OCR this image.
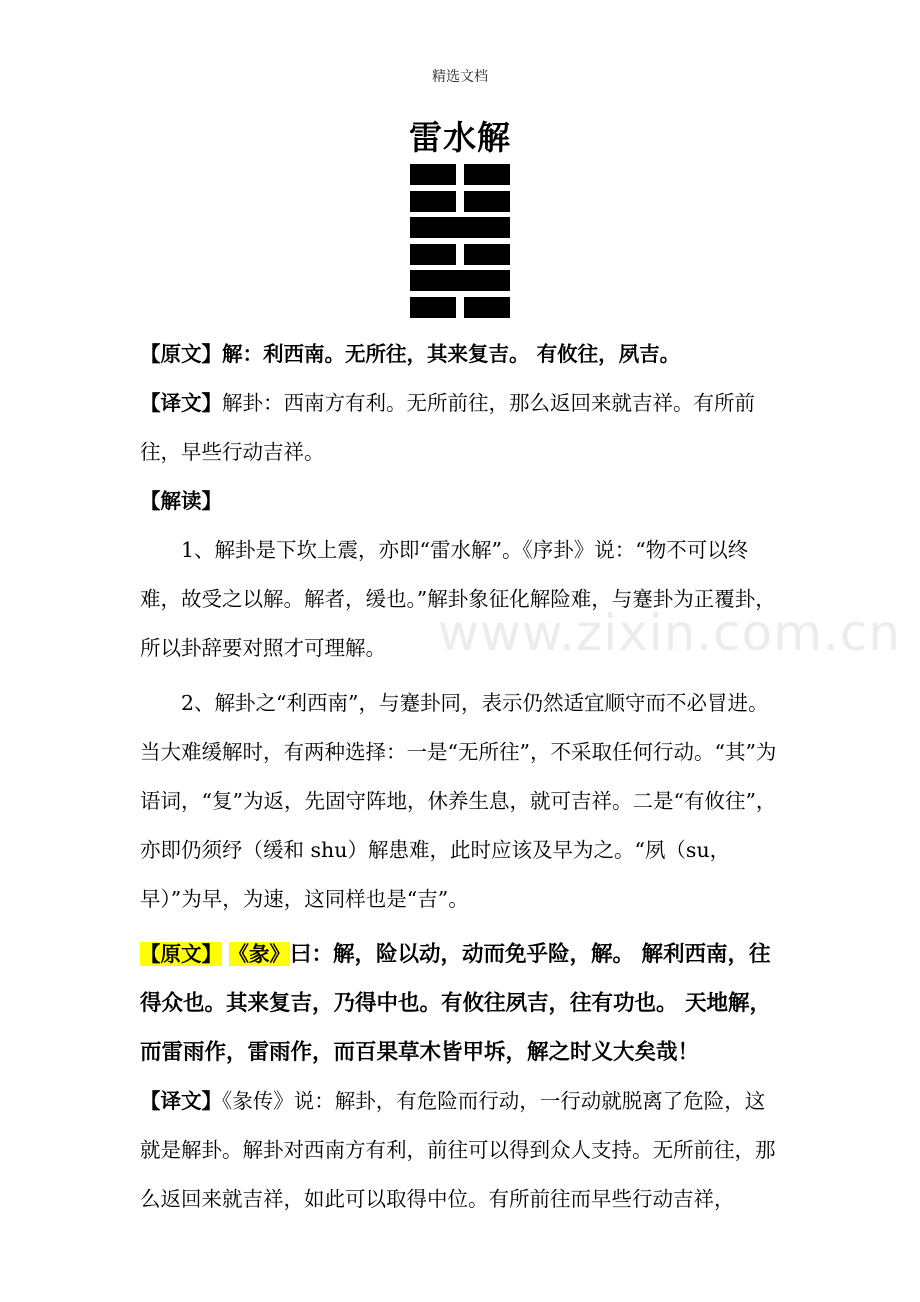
精选文档
雷水解
www.zixin.com.cn

【原文】解：利西南。无所往，其来复吉。 有攸往，夙吉。

【译文】解卦：西南方有利。无所前往，那么返回来就吉祥。有所前往，早些行动吉祥。

【解读】

1、解卦是下坎上震，亦即“雷水解”。《序卦》说：“物不可以终难，故受之以解。解者，缓也。”解卦象征化解险难，与蹇卦为正覆卦，所以卦辞要对照才可理解。

2、解卦之“利西南”，与蹇卦同，表示仍然适宜顺守而不必冒进。当大难缓解时，有两种选择：一是“无所往”，不采取任何行动。“其”为语词，“复”为返，先固守阵地，休养生息，就可吉祥。二是“有攸往”，亦即仍须纾（缓和 shu）解患难，此时应该及早为之。“夙（su，早）”为早，为速，这同样也是“吉”。

【原文】 《彖》曰：解，险以动，动而免乎险，解。 解利西南，往得众也。其来复吉，乃得中也。有攸往夙吉，往有功也。 天地解，而雷雨作，雷雨作，而百果草木皆甲坼，解之时义大矣哉！

【译文】《彖传》说：解卦，有危险而行动，一行动就脱离了危险，这就是解卦。解卦对西南方有利，前往可以得到众人支持。无所前往，那么返回来就吉祥，如此可以取得中位。有所前往而早些行动吉祥，
